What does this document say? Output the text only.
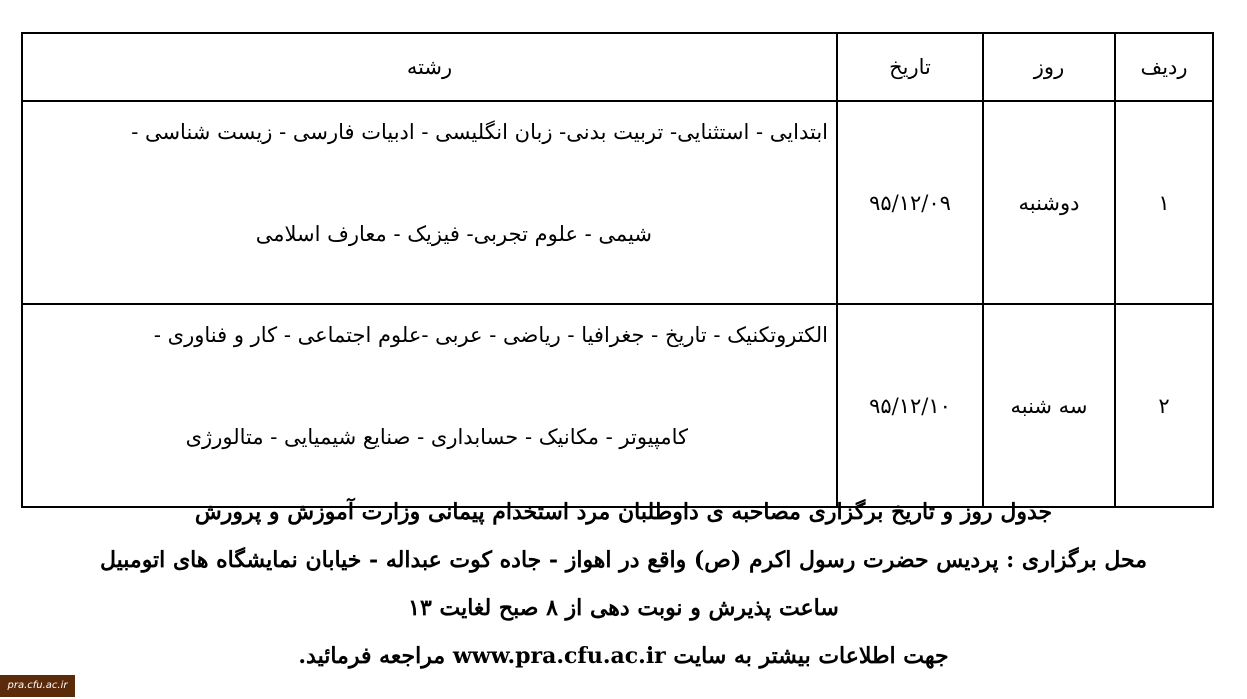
ردیف	روز	تاریخ	رشته
۱	دوشنبه	۹۵/۱۲/۰۹	ابتدایی - استثنایی- تربیت بدنی- زبان انگلیسی - ادبیات فارسی - زیست شناسی -
شیمی - علوم تجربی- فیزیک - معارف اسلامی

۲	سه شنبه	۹۵/۱۲/۱۰	الکتروتکنیک - تاریخ - جغرافیا - ریاضی - عربی -علوم اجتماعی - کار و فناوری -
کامپیوتر - مکانیک - حسابداری - صنایع شیمیایی - متالورژی
جدول روز و تاریخ برگزاری مصاحبه ی داوطلبان مرد استخدام پیمانی وزارت آموزش و پرورش
محل برگزاری : پردیس حضرت رسول اکرم (ص) واقع در اهواز - جاده کوت عبداله - خیابان نمایشگاه های اتومبیل
ساعت پذیرش و نوبت دهی از ۸ صبح لغایت ۱۳
جهت اطلاعات بیشتر به سایت www.pra.cfu.ac.ir مراجعه فرمائید.
pra.cfu.ac.ir
